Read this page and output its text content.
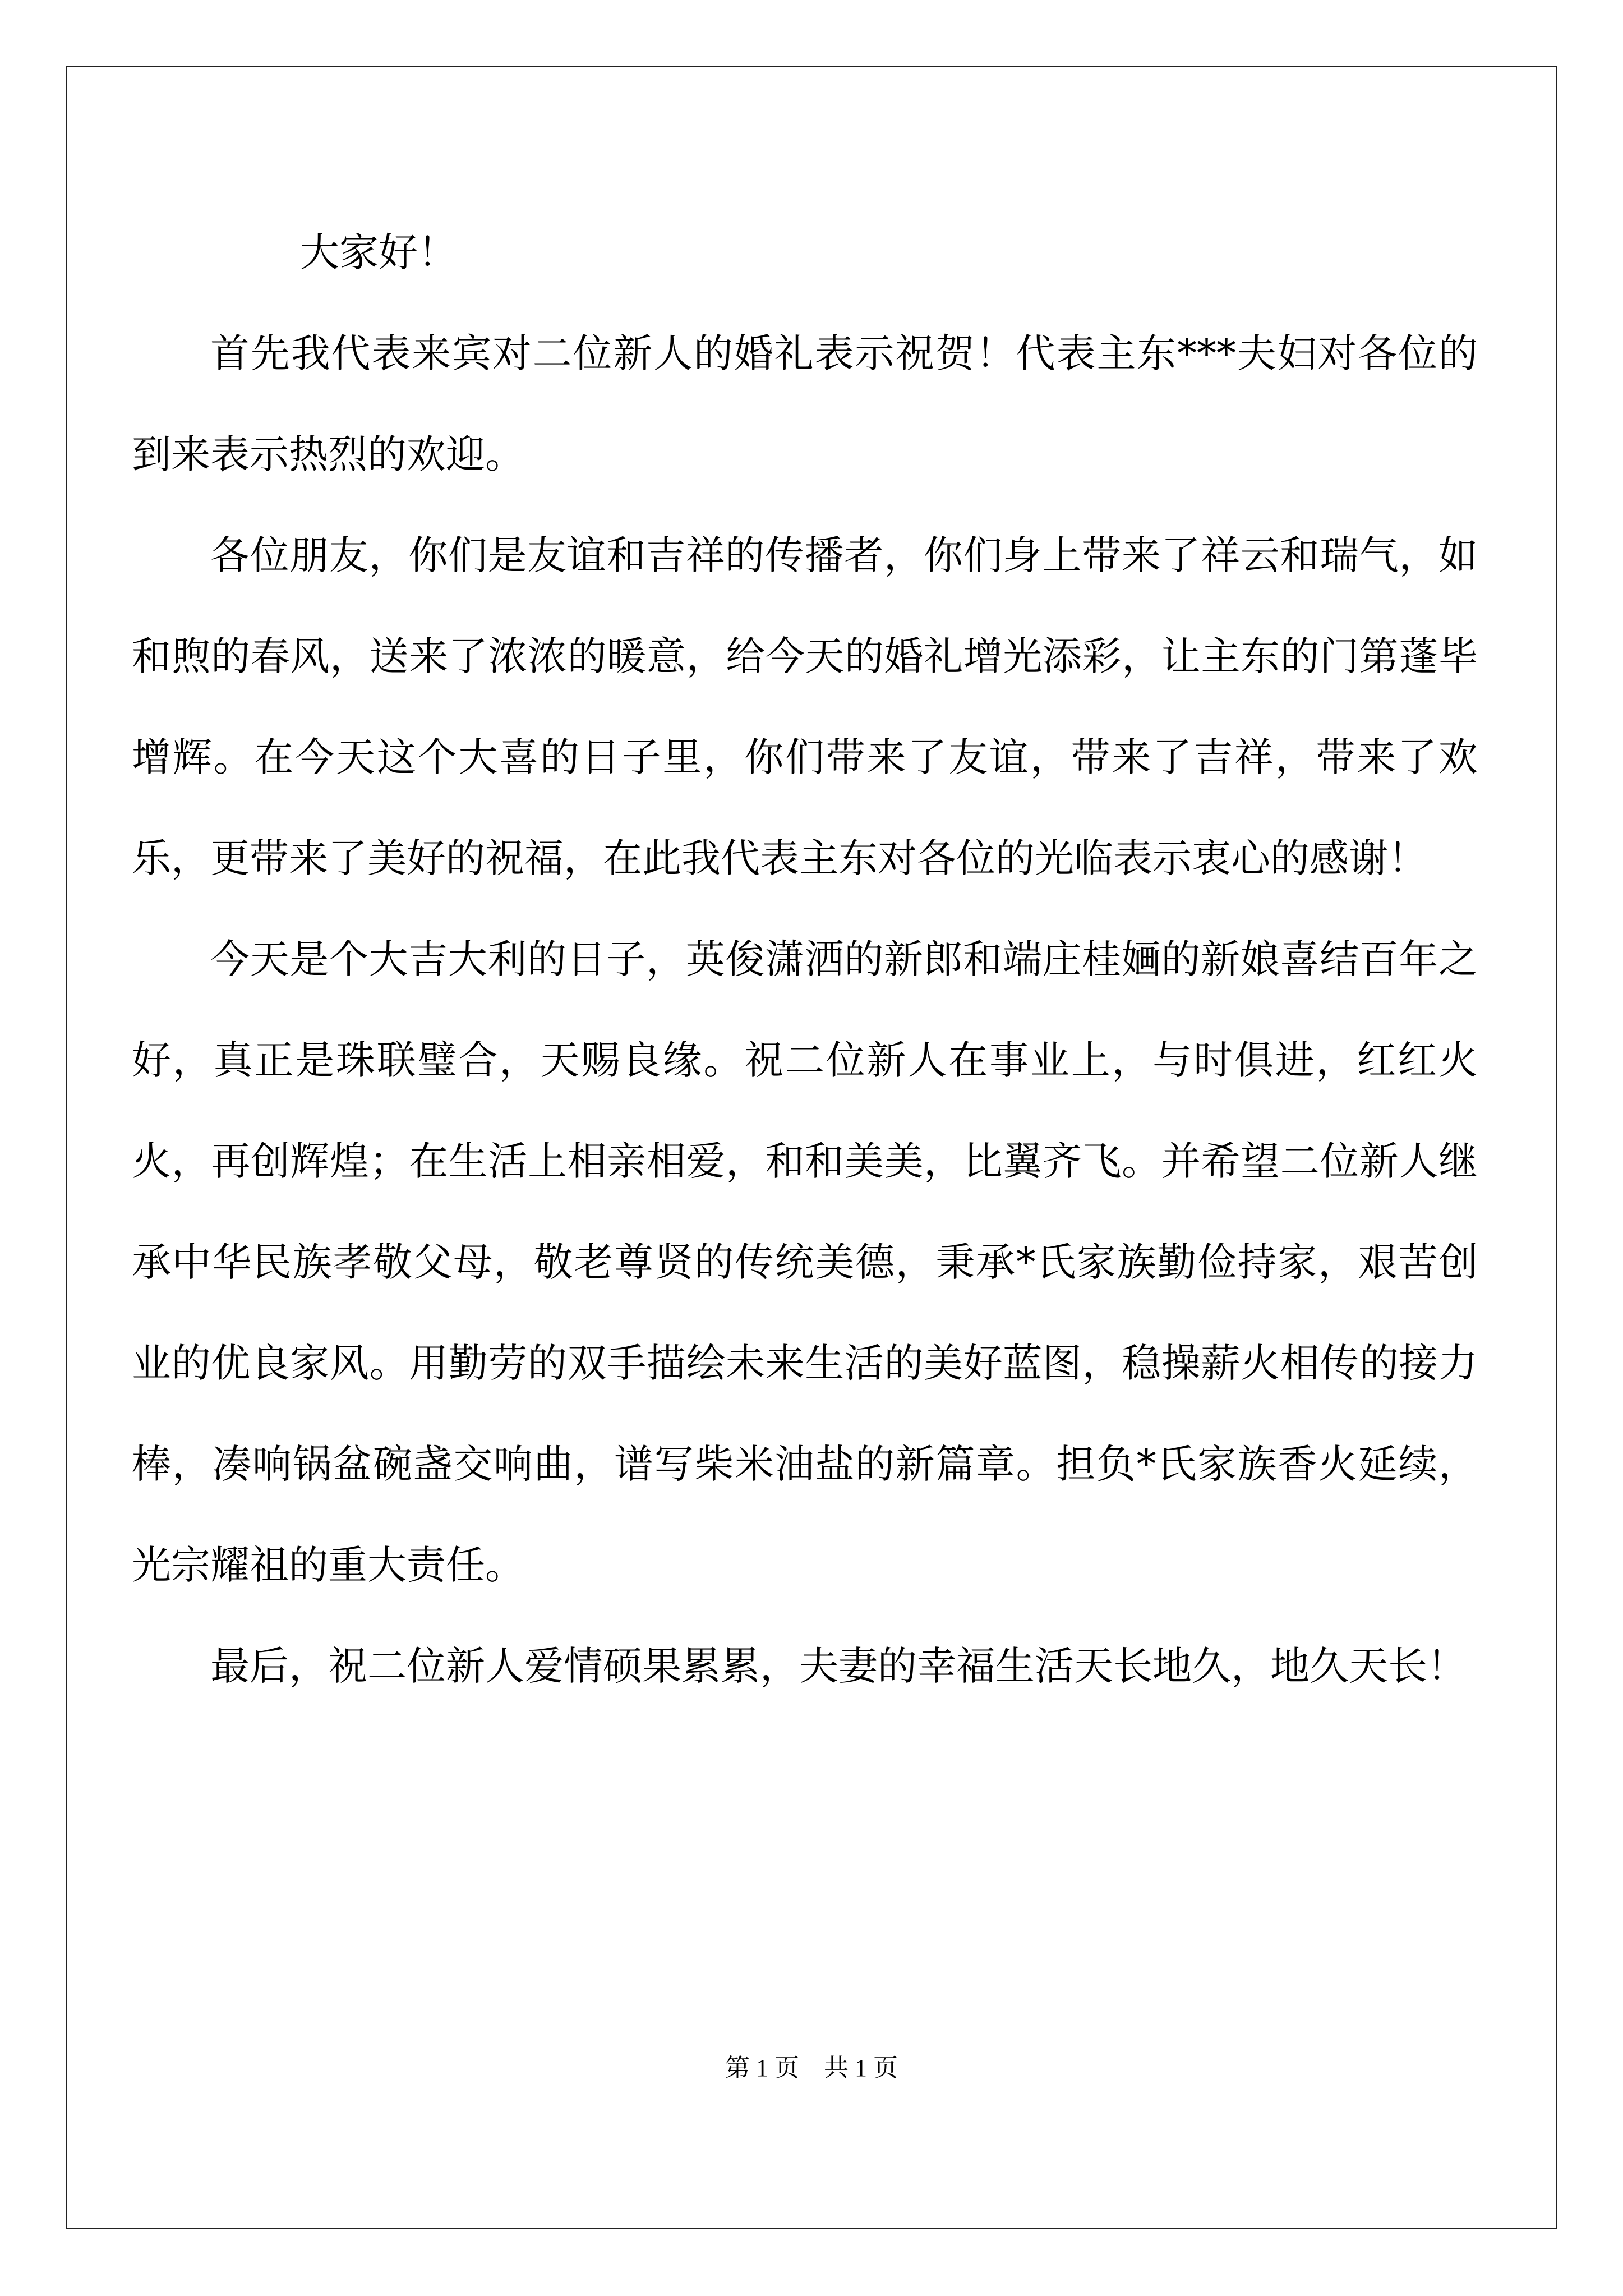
大家好！

首先我代表来宾对二位新人的婚礼表示祝贺！代表主东***夫妇对各位的到来表示热烈的欢迎。

各位朋友，你们是友谊和吉祥的传播者，你们身上带来了祥云和瑞气，如和煦的春风，送来了浓浓的暖意，给今天的婚礼增光添彩，让主东的门第蓬毕增辉。在今天这个大喜的日子里，你们带来了友谊，带来了吉祥，带来了欢乐，更带来了美好的祝福，在此我代表主东对各位的光临表示衷心的感谢！

今天是个大吉大利的日子，英俊潇洒的新郎和端庄桂婳的新娘喜结百年之好，真正是珠联璧合，天赐良缘。祝二位新人在事业上，与时俱进，红红火火，再创辉煌；在生活上相亲相爱，和和美美，比翼齐飞。并希望二位新人继承中华民族孝敬父母，敬老尊贤的传统美德，秉承*氏家族勤俭持家，艰苦创业的优良家风。用勤劳的双手描绘未来生活的美好蓝图，稳操薪火相传的接力棒，凑响锅盆碗盏交响曲，谱写柴米油盐的新篇章。担负*氏家族香火延续，光宗耀祖的重大责任。

最后，祝二位新人爱情硕果累累，夫妻的幸福生活天长地久，地久天长！

第 1 页 共 1 页
